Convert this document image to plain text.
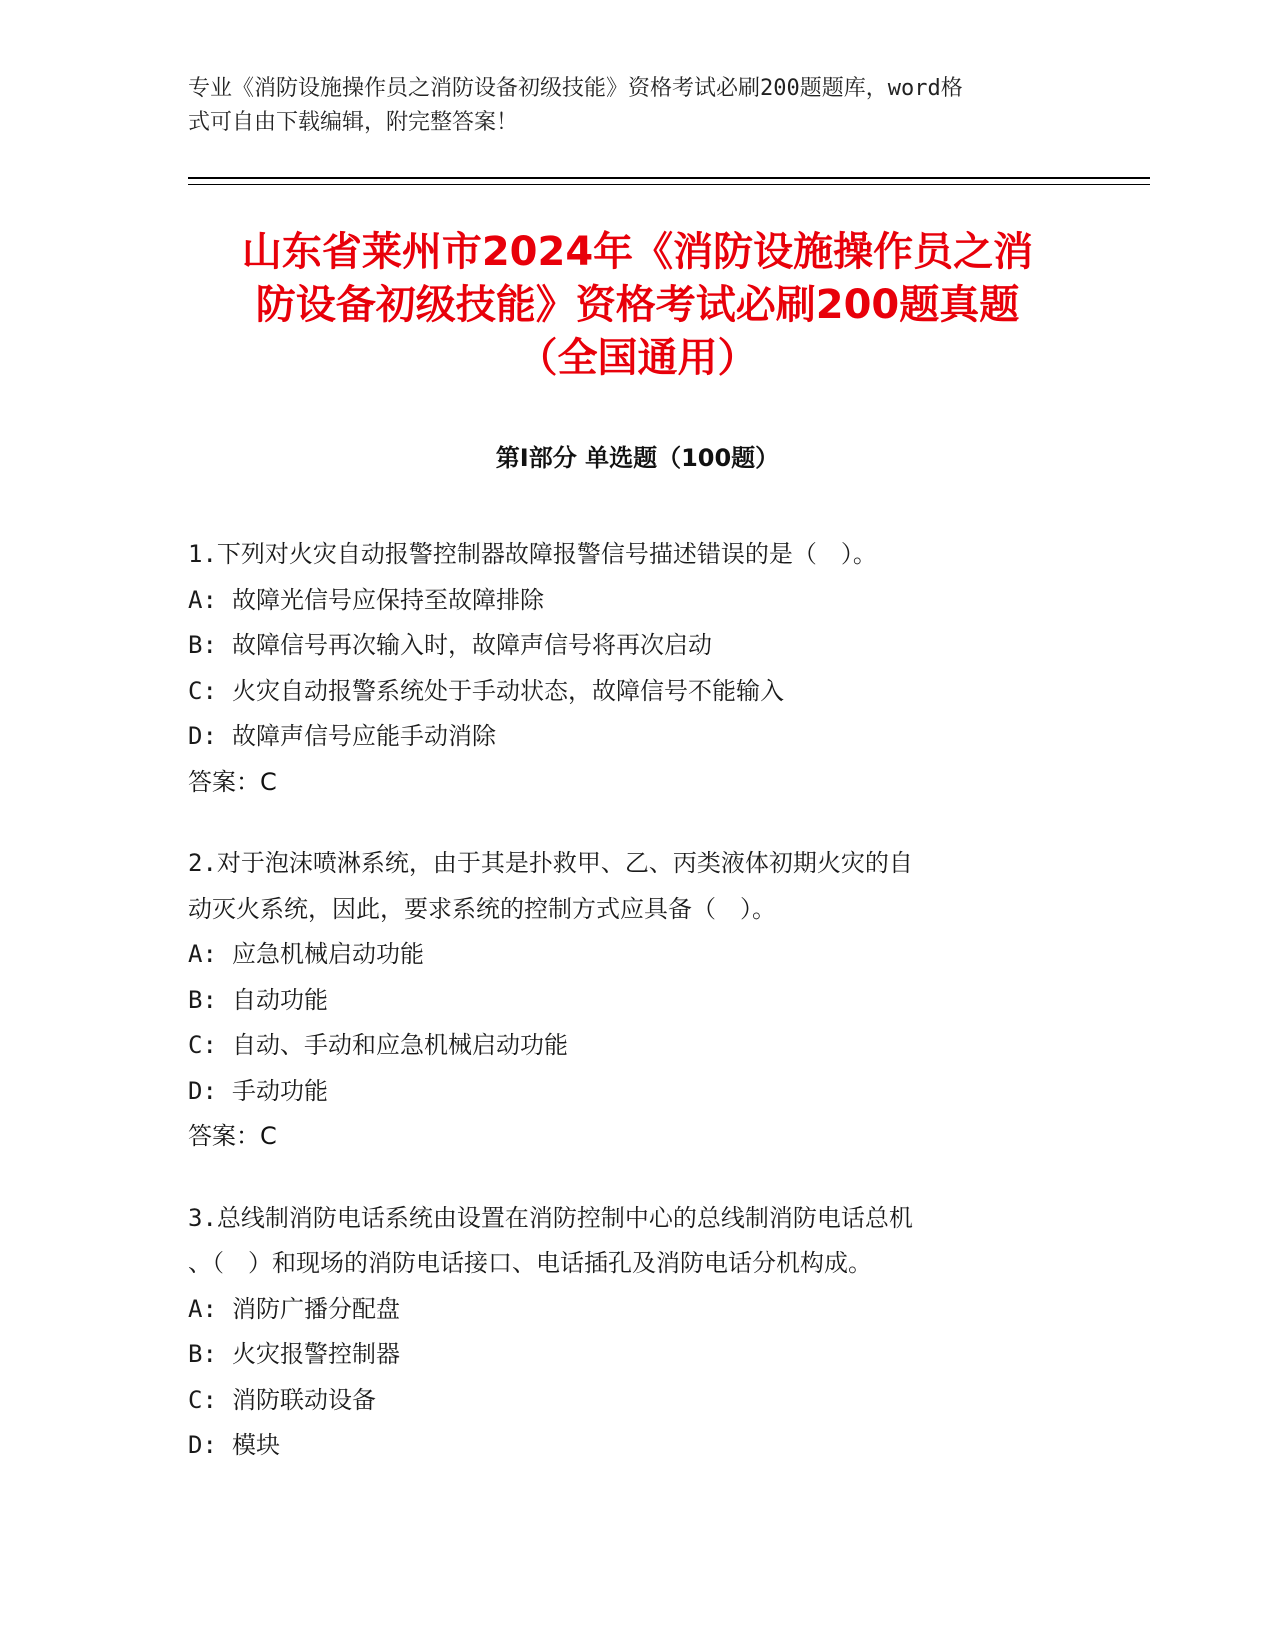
专业《消防设施操作员之消防设备初级技能》资格考试必刷200题题库，word格
式可自由下载编辑，附完整答案！
山东省莱州市2024年《消防设施操作员之消
防设备初级技能》资格考试必刷200题真题
（全国通用）
第Ⅰ部分 单选题（100题）
1.下列对火灾自动报警控制器故障报警信号描述错误的是（　）。
A: 故障光信号应保持至故障排除
B: 故障信号再次输入时，故障声信号将再次启动
C: 火灾自动报警系统处于手动状态，故障信号不能输入
D: 故障声信号应能手动消除
答案：C
2.对于泡沫喷淋系统，由于其是扑救甲、乙、丙类液体初期火灾的自
动灭火系统，因此，要求系统的控制方式应具备（　）。
A: 应急机械启动功能
B: 自动功能
C: 自动、手动和应急机械启动功能
D: 手动功能
答案：C
3.总线制消防电话系统由设置在消防控制中心的总线制消防电话总机
、（　）和现场的消防电话接口、电话插孔及消防电话分机构成。
A: 消防广播分配盘
B: 火灾报警控制器
C: 消防联动设备
D: 模块
